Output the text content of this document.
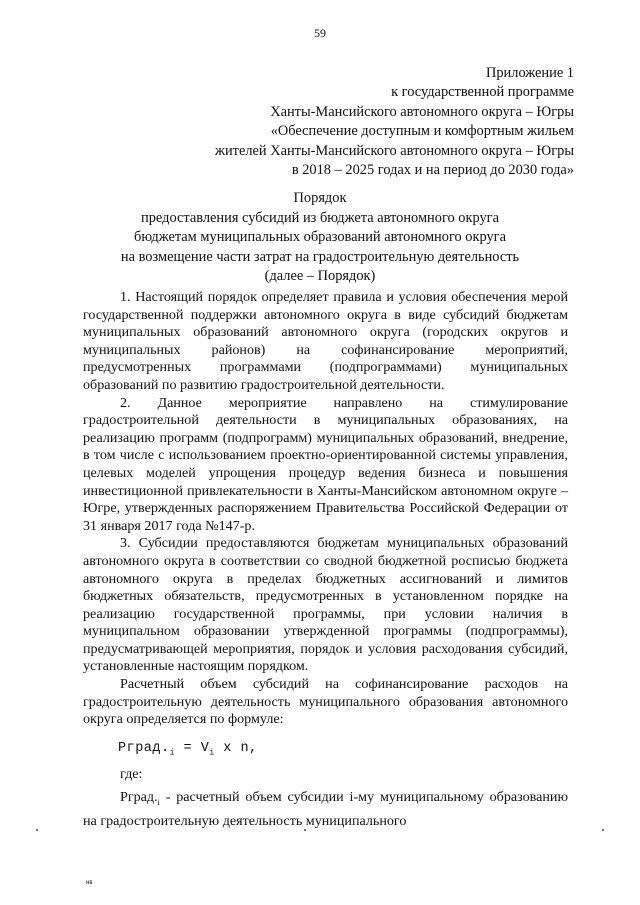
59
Приложение 1
к государственной программе
Ханты-Мансийского автономного округа – Югры
«Обеспечение доступным и комфортным жильем
жителей Ханты-Мансийского автономного округа – Югры
в 2018 – 2025 годах и на период до 2030 года»
Порядок
предоставления субсидий из бюджета автономного округа
бюджетам муниципальных образований автономного округа
на возмещение части затрат на градостроительную деятельность
(далее – Порядок)

1. Настоящий порядок определяет правила и условия обеспечения мерой государственной поддержки автономного округа в виде субсидий бюджетам муниципальных образований автономного округа (городских округов и муниципальных районов) на софинансирование мероприятий, предусмотренных программами (подпрограммами) муниципальных образований по развитию градостроительной деятельности.

2. Данное мероприятие направлено на стимулирование градостроительной деятельности в муниципальных образованиях, на реализацию программ (подпрограмм) муниципальных образований, внедрение, в том числе с использованием проектно-ориентированной системы управления, целевых моделей упрощения процедур ведения бизнеса и повышения инвестиционной привлекательности в Ханты-Мансийском автономном округе – Югре, утвержденных распоряжением Правительства Российской Федерации от 31 января 2017 года №147-р.

3. Субсидии предоставляются бюджетам муниципальных образований автономного округа в соответствии со сводной бюджетной росписью бюджета автономного округа в пределах бюджетных ассигнований и лимитов бюджетных обязательств, предусмотренных в установленном порядке на реализацию государственной программы, при условии наличия в муниципальном образовании утвержденной программы (подпрограммы), предусматривающей мероприятия, порядок и условия расходования субсидий, установленные настоящим порядком.

Расчетный объем субсидий на софинансирование расходов на градостроительную деятельность муниципального образования автономного округа определяется по формуле:

$Рград._i = V_i$ x n,
где:
$Рград._i$ - расчетный объем субсидии i-му муниципальному образованию на градостроительную деятельность муниципального
нв
